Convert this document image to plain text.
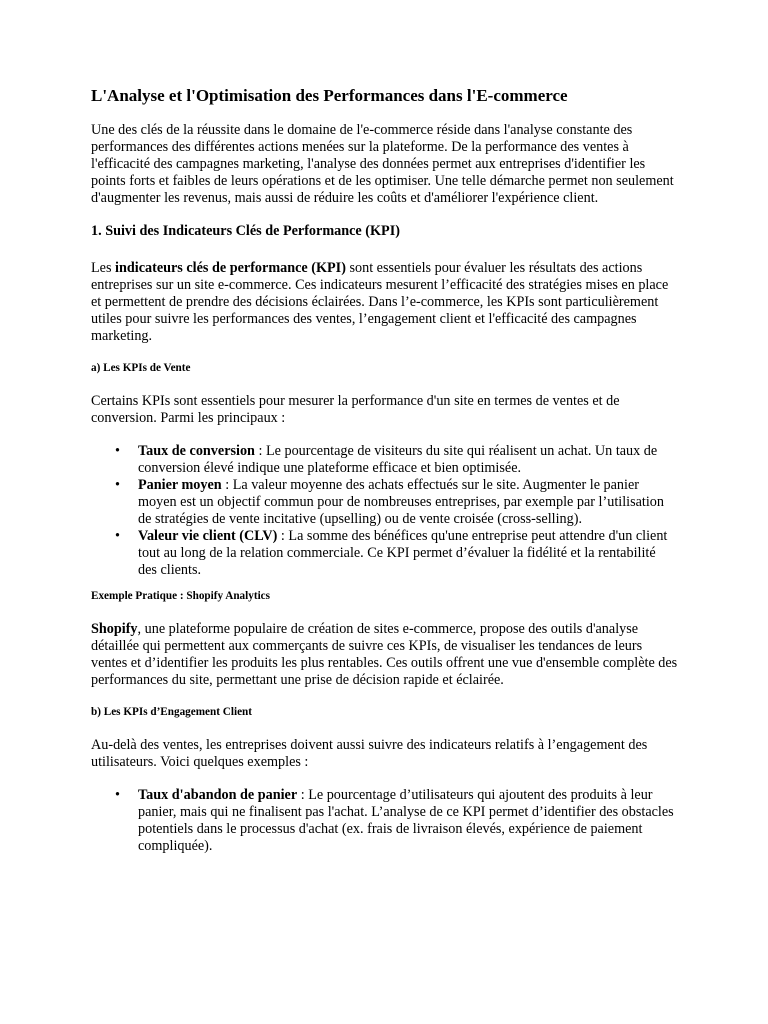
L'Analyse et l'Optimisation des Performances dans l'E-commerce

Une des clés de la réussite dans le domaine de l'e-commerce réside dans l'analyse constante des performances des différentes actions menées sur la plateforme. De la performance des ventes à l'efficacité des campagnes marketing, l'analyse des données permet aux entreprises d'identifier les points forts et faibles de leurs opérations et de les optimiser. Une telle démarche permet non seulement d'augmenter les revenus, mais aussi de réduire les coûts et d'améliorer l'expérience client.

1. Suivi des Indicateurs Clés de Performance (KPI)

Les indicateurs clés de performance (KPI) sont essentiels pour évaluer les résultats des actions entreprises sur un site e-commerce. Ces indicateurs mesurent l’efficacité des stratégies mises en place et permettent de prendre des décisions éclairées. Dans l’e-commerce, les KPIs sont particulièrement utiles pour suivre les performances des ventes, l’engagement client et l'efficacité des campagnes marketing.

a) Les KPIs de Vente

Certains KPIs sont essentiels pour mesurer la performance d'un site en termes de ventes et de conversion. Parmi les principaux :

• Taux de conversion : Le pourcentage de visiteurs du site qui réalisent un achat. Un taux de conversion élevé indique une plateforme efficace et bien optimisée.
• Panier moyen : La valeur moyenne des achats effectués sur le site. Augmenter le panier moyen est un objectif commun pour de nombreuses entreprises, par exemple par l’utilisation de stratégies de vente incitative (upselling) ou de vente croisée (cross-selling).
• Valeur vie client (CLV) : La somme des bénéfices qu'une entreprise peut attendre d'un client tout au long de la relation commerciale. Ce KPI permet d’évaluer la fidélité et la rentabilité des clients.
Exemple Pratique : Shopify Analytics

Shopify, une plateforme populaire de création de sites e-commerce, propose des outils d'analyse détaillée qui permettent aux commerçants de suivre ces KPIs, de visualiser les tendances de leurs ventes et d’identifier les produits les plus rentables. Ces outils offrent une vue d'ensemble complète des performances du site, permettant une prise de décision rapide et éclairée.

b) Les KPIs d’Engagement Client

Au-delà des ventes, les entreprises doivent aussi suivre des indicateurs relatifs à l’engagement des utilisateurs. Voici quelques exemples :

• Taux d'abandon de panier : Le pourcentage d’utilisateurs qui ajoutent des produits à leur panier, mais qui ne finalisent pas l'achat. L’analyse de ce KPI permet d’identifier des obstacles potentiels dans le processus d'achat (ex. frais de livraison élevés, expérience de paiement compliquée).
